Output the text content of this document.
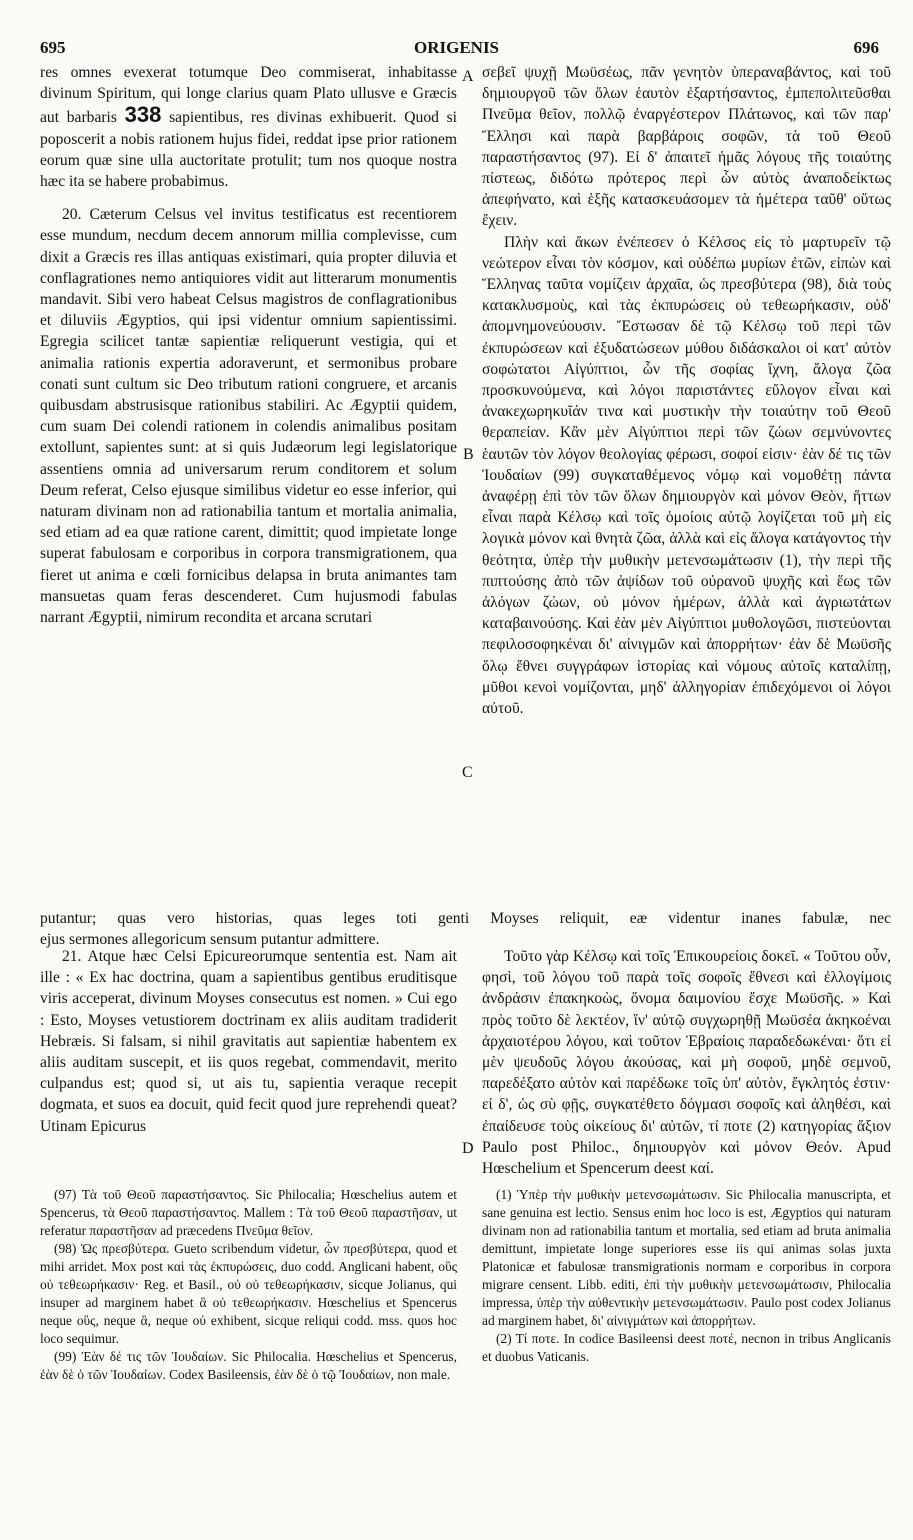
695	ORIGENIS	696
A
B
C
D

res omnes evexerat totumque Deo commiserat, inhabitasse divinum Spiritum, qui longe clarius quam Plato ullusve e Græcis aut barbaris 338 sapientibus, res divinas exhibuerit. Quod si poposcerit a nobis rationem hujus fidei, reddat ipse prior rationem eorum quæ sine ulla auctoritate protulit; tum nos quoque nostra hæc ita se habere probabimus.

20. Cæterum Celsus vel invitus testificatus est recentiorem esse mundum, necdum decem annorum millia complevisse, cum dixit a Græcis res illas antiquas existimari, quia propter diluvia et conflagrationes nemo antiquiores vidit aut litterarum monumentis mandavit. Sibi vero habeat Celsus magistros de conflagrationibus et diluviis Ægyptios, qui ipsi videntur omnium sapientissimi. Egregia scilicet tantæ sapientiæ reliquerunt vestigia, qui et animalia rationis expertia adoraverunt, et sermonibus probare conati sunt cultum sic Deo tributum rationi congruere, et arcanis quibusdam abstrusisque rationibus stabiliri. Ac Ægyptii quidem, cum suam Dei colendi rationem in colendis animalibus positam extollunt, sapientes sunt: at si quis Judæorum legi legislatorique assentiens omnia ad universarum rerum conditorem et solum Deum referat, Celso ejusque similibus videtur eo esse inferior, qui naturam divinam non ad rationabilia tantum et mortalia animalia, sed etiam ad ea quæ ratione carent, dimittit; quod impietate longe superat fabulosam e corporibus in corpora transmigrationem, qua fieret ut anima e cœli fornicibus delapsa in bruta animantes tam mansuetas quam feras descenderet. Cum hujusmodi fabulas narrant Ægyptii, nimirum recondita et arcana scrutari

σεβεῖ ψυχῇ Μωϋσέως, πᾶν γενητὸν ὑπεραναβάντος, καὶ τοῦ δημιουργοῦ τῶν ὅλων ἑαυτὸν ἐξαρτήσαντος, ἐμπεπολιτεῦσθαι Πνεῦμα θεῖον, πολλῷ ἐναργέστερον Πλάτωνος, καὶ τῶν παρ' Ἕλλησι καὶ παρὰ βαρβάροις σοφῶν, τὰ τοῦ Θεοῦ παραστήσαντος (97). Εἰ δ' ἀπαιτεῖ ἡμᾶς λόγους τῆς τοιαύτης πίστεως, διδότω πρότερος περὶ ὧν αὐτὸς ἀναποδείκτως ἀπεφήνατο, καὶ ἑξῆς κατασκευάσομεν τὰ ἡμέτερα ταῦθ' οὕτως ἔχειν.

Πλὴν καὶ ἄκων ἐνέπεσεν ὁ Κέλσος εἰς τὸ μαρτυρεῖν τῷ νεώτερον εἶναι τὸν κόσμον, καὶ οὐδέπω μυρίων ἐτῶν, εἰπὼν καὶ Ἕλληνας ταῦτα νομίζειν ἀρχαῖα, ὡς πρεσβύτερα (98), διὰ τοὺς κατακλυσμοὺς, καὶ τὰς ἐκπυρώσεις οὐ τεθεωρήκασιν, οὐδ' ἀπομνημονεύουσιν. Ἔστωσαν δὲ τῷ Κέλσῳ τοῦ περὶ τῶν ἐκπυρώσεων καὶ ἐξυδατώσεων μύθου διδάσκαλοι οἱ κατ' αὐτὸν σοφώτατοι Αἰγύπτιοι, ὧν τῆς σοφίας ἴχνη, ἄλογα ζῶα προσκυνούμενα, καὶ λόγοι παριστάντες εὔλογον εἶναι καὶ ἀνακεχωρηκυῖάν τινα καὶ μυστικὴν τὴν τοιαύτην τοῦ Θεοῦ θεραπείαν. Κἂν μὲν Αἰγύπτιοι περὶ τῶν ζώων σεμνύνοντες ἑαυτῶν τὸν λόγον θεολογίας φέρωσι, σοφοί εἰσιν· ἐὰν δέ τις τῶν Ἰουδαίων (99) συγκαταθέμενος νόμῳ καὶ νομοθέτῃ πάντα ἀναφέρῃ ἐπὶ τὸν τῶν ὅλων δημιουργὸν καὶ μόνον Θεὸν, ἥττων εἶναι παρὰ Κέλσῳ καὶ τοῖς ὁμοίοις αὐτῷ λογίζεται τοῦ μὴ εἰς λογικὰ μόνον καὶ θνητὰ ζῶα, ἀλλὰ καὶ εἰς ἄλογα κατάγοντος τὴν θεότητα, ὑπὲρ τὴν μυθικὴν μετενσωμάτωσιν (1), τὴν περὶ τῆς πιπτούσης ἀπὸ τῶν ἀψίδων τοῦ οὐρανοῦ ψυχῆς καὶ ἕως τῶν ἀλόγων ζώων, οὐ μόνον ἡμέρων, ἀλλὰ καὶ ἀγριωτάτων καταβαινούσης. Καὶ ἐὰν μὲν Αἰγύπτιοι μυθολογῶσι, πιστεύονται πεφιλοσοφηκέναι δι' αἰνιγμῶν καὶ ἀπορρήτων· ἐὰν δὲ Μωϋσῆς ὅλῳ ἔθνει συγγράφων ἱστορίας καὶ νόμους αὐτοῖς καταλίπῃ, μῦθοι κενοὶ νομίζονται, μηδ' ἀλληγορίαν ἐπιδεχόμενοι οἱ λόγοι αὐτοῦ.

putantur; quas vero historias, quas leges toti genti Moyses reliquit, eæ videntur inanes fabulæ, nec
ejus sermones allegoricum sensum putantur admittere.

21. Atque hæc Celsi Epicureorumque sententia est. Nam ait ille : « Ex hac doctrina, quam a sapientibus gentibus eruditisque viris acceperat, divinum Moyses consecutus est nomen. » Cui ego : Esto, Moyses vetustiorem doctrinam ex aliis auditam tradiderit Hebræis. Si falsam, si nihil gravitatis aut sapientiæ habentem ex aliis auditam suscepit, et iis quos regebat, commendavit, merito culpandus est; quod si, ut ais tu, sapientia veraque recepit dogmata, et suos ea docuit, quid fecit quod jure reprehendi queat? Utinam Epicurus

Τοῦτο γὰρ Κέλσῳ καὶ τοῖς Ἐπικουρείοις δοκεῖ. « Τοῦτου οὖν, φησὶ, τοῦ λόγου τοῦ παρὰ τοῖς σοφοῖς ἔθνεσι καὶ ἐλλογίμοις ἀνδράσιν ἐπακηκοὼς, ὄνομα δαιμονίου ἔσχε Μωϋσῆς. » Καὶ πρὸς τοῦτο δὲ λεκτέον, ἵν' αὐτῷ συγχωρηθῇ Μωϋσέα ἀκηκοέναι ἀρχαιοτέρου λόγου, καὶ τοῦτον Ἑβραίοις παραδεδωκέναι· ὅτι εἰ μὲν ψευδοῦς λόγου ἀκούσας, καὶ μὴ σοφοῦ, μηδὲ σεμνοῦ, παρεδέξατο αὐτὸν καὶ παρέδωκε τοῖς ὑπ' αὐτὸν, ἔγκλητός ἐστιν· εἰ δ', ὡς σὺ φῇς, συγκατέθετο δόγμασι σοφοῖς καὶ ἀληθέσι, καὶ ἐπαίδευσε τοὺς οἰκείους δι' αὐτῶν, τί ποτε (2) κατηγορίας ἄξιον Paulo post Philoc., δημιουργὸν καὶ μόνον Θεόν. Apud Hœschelium et Spencerum deest καί.

(97) Τὰ τοῦ Θεοῦ παραστήσαντος. Sic Philocalia; Hœschelius autem et Spencerus, τὰ Θεοῦ παραστήσαντος. Mallem : Τὰ τοῦ Θεοῦ παραστῆσαν, ut referatur παραστῆσαν ad præcedens Πνεῦμα θεῖον.

(98) Ὡς πρεσβύτερα. Gueto scribendum videtur, ὧν πρεσβύτερα, quod et mihi arridet. Mox post καὶ τὰς ἐκπυρώσεις, duo codd. Anglicani habent, οὓς οὐ τεθεωρήκασιν· Reg. et Basil., οὐ οὐ τεθεωρήκασιν, sicque Jolianus, qui insuper ad marginem habet ἃ οὐ τεθεωρήκασιν. Hœschelius et Spencerus neque οὓς, neque ἃ, neque οὐ exhibent, sicque reliqui codd. mss. quos hoc loco sequimur.

(99) Ἐὰν δέ τις τῶν Ἰουδαίων. Sic Philocalia. Hœschelius et Spencerus, ἐὰν δὲ ὁ τῶν Ἰουδαίων. Codex Basileensis, ἐὰν δὲ ὁ τῷ Ἰουδαίων, non male.

(1) Ὑπὲρ τὴν μυθικὴν μετενσωμάτωσιν. Sic Philocalia manuscripta, et sane genuina est lectio. Sensus enim hoc loco is est, Ægyptios qui naturam divinam non ad rationabilia tantum et mortalia, sed etiam ad bruta animalia demittunt, impietate longe superiores esse iis qui animas solas juxta Platonicæ et fabulosæ transmigrationis normam e corporibus in corpora migrare censent. Libb. editi, ἐπὶ τὴν μυθικὴν μετενσωμάτωσιν, Philocalia impressa, ὑπὲρ τὴν αὐθεντικὴν μετενσωμάτωσιν. Paulo post codex Jolianus ad marginem habet, δι' αἰνιγμάτων καὶ ἀπορρήτων.

(2) Τί ποτε. In codice Basileensi deest ποτέ, necnon in tribus Anglicanis et duobus Vaticanis.
